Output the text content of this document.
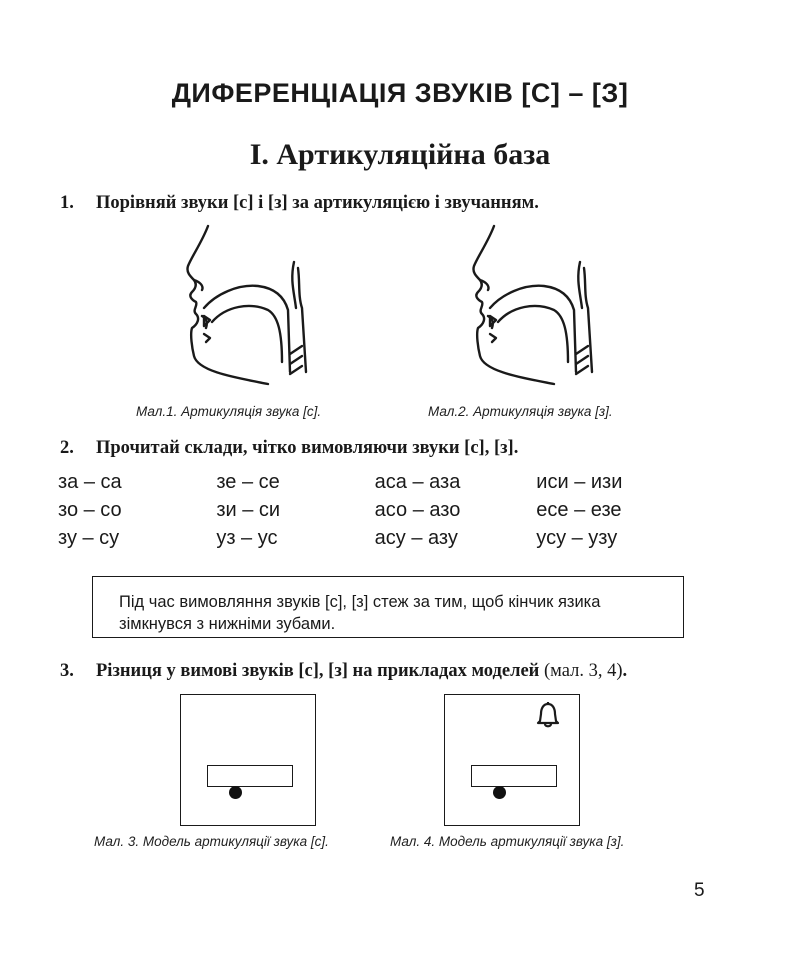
ДИФЕРЕНЦІАЦІЯ ЗВУКІВ [С] – [З]
I. Артикуляційна база
1. Порівняй звуки [с] і [з] за артикуляцією і звучанням.
Мал.1. Артикуляція звука [с].	Мал.2. Артикуляція звука [з].
2. Прочитай склади, чітко вимовляючи звуки [с], [з].
за – са	зе – се	аса – аза	иси – изи
зо – со	зи – си	асо – азо	есе – езе
зу – су	уз – ус	асу – азу	усу – узу
Під час вимовляння звуків [с], [з] стеж за тим, щоб кінчик язика
зімкнувся з нижніми зубами.
3. Різниця у вимові звуків [с], [з] на прикладах моделей (мал. 3, 4).
Мал. 3. Модель артикуляції звука [с].	Мал. 4. Модель артикуляції звука [з].
5
